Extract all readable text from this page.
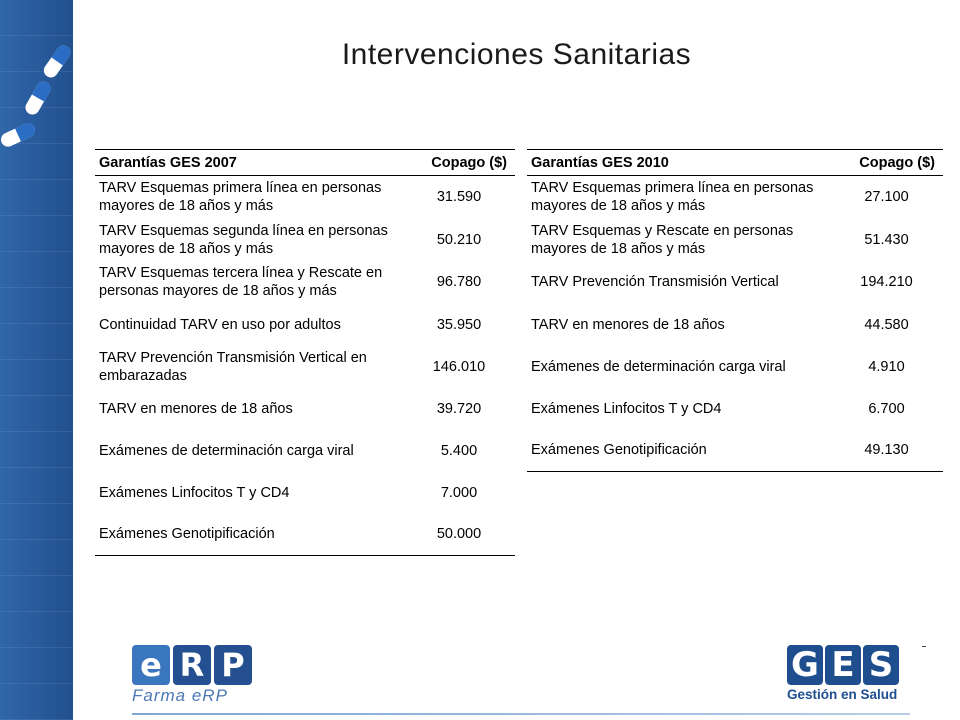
Intervenciones Sanitarias
Garantías GES 2007	Copago ($)
TARV Esquemas primera línea en personas mayores de 18 años y más	31.590
TARV Esquemas segunda línea en personas mayores de 18 años y más	50.210
TARV Esquemas tercera línea y Rescate en personas mayores de 18 años y más	96.780
Continuidad TARV en uso por adultos	35.950
TARV Prevención Transmisión Vertical en embarazadas	146.010
TARV en menores de 18 años	39.720
Exámenes de determinación carga viral	5.400
Exámenes Linfocitos T y CD4	7.000
Exámenes Genotipificación	50.000
Garantías GES 2010	Copago ($)
TARV Esquemas primera línea en personas mayores de 18 años y más	27.100
TARV Esquemas y Rescate en personas mayores de 18 años y más	51.430
TARV Prevención Transmisión Vertical	194.210
TARV en menores de 18 años	44.580
Exámenes de determinación carga viral	4.910
Exámenes Linfocitos T y CD4	6.700
Exámenes Genotipificación	49.130
e R P
Farma eRP
G E S
Gestión en Salud
